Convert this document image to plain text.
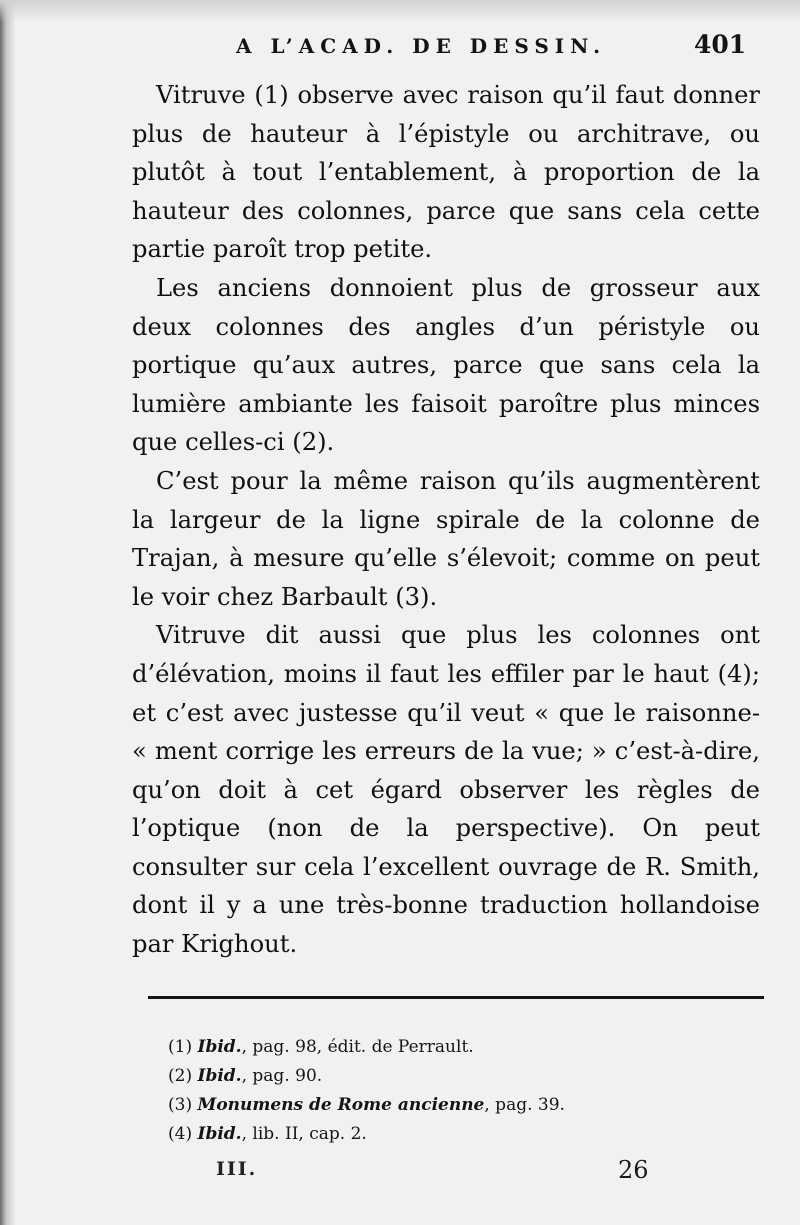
A L’ACAD. DE DESSIN.	401

Vitruve (1) observe avec raison qu’il faut donner plus de hauteur à l’épistyle ou architrave, ou plutôt à tout l’entablement, à proportion de la hauteur des colonnes, parce que sans cela cette partie paroît trop petite.

Les anciens donnoient plus de grosseur aux deux colonnes des angles d’un péristyle ou portique qu’aux autres, parce que sans cela la lumière ambiante les faisoit paroître plus minces que celles-ci (2).

C’est pour la même raison qu’ils augmentèrent la largeur de la ligne spirale de la colonne de Trajan, à mesure qu’elle s’élevoit; comme on peut le voir chez Barbault (3).

Vitruve dit aussi que plus les colonnes ont d’élévation, moins il faut les effiler par le haut (4); et c’est avec justesse qu’il veut « que le raisonne- « ment corrige les erreurs de la vue; » c’est-à-dire, qu’on doit à cet égard observer les règles de l’optique (non de la perspective). On peut consulter sur cela l’excellent ouvrage de R. Smith, dont il y a une très-bonne traduction hollandoise par Krighout.

(1) Ibid., pag. 98, édit. de Perrault.
(2) Ibid., pag. 90.
(3) Monumens de Rome ancienne, pag. 39.
(4) Ibid., lib. II, cap. 2.
III.	26
